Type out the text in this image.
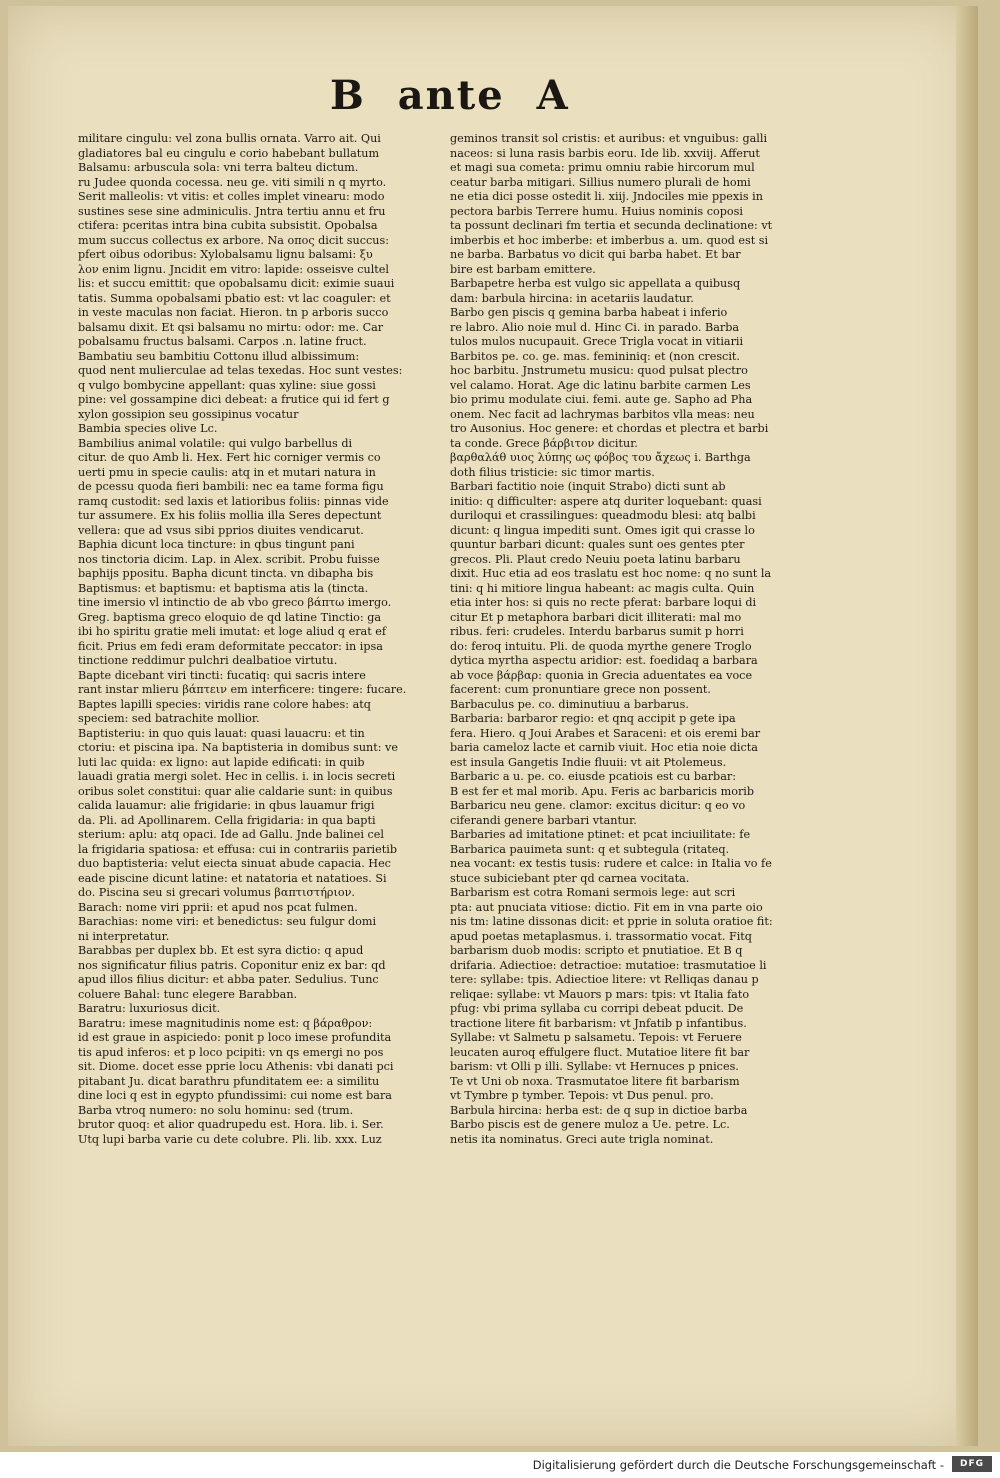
B ante A
militare cingulu: vel zona bullis ornata. Varro ait. Qui
gladiatores bal eu cingulu e corio habebant bullatum
Balsamu: arbuscula sola: vni terra balteu dictum.
ru Judee quonda cocessa. neu ge. viti simili n q myrto.
Serit malleolis: vt vitis: et colles implet vinearu: modo
sustines sese sine adminiculis. Jntra tertiu annu et fru
ctifera: pceritas intra bina cubita subsistit. Opobalsa
mum succus collectus ex arbore. Na οπος dicit succus:
pfert oibus odoribus: Xylobalsamu lignu balsami: ξυ
λον enim lignu. Jncidit em vitro: lapide: osseisve cultel
lis: et succu emittit: que opobalsamu dicit: eximie suaui
tatis. Summa opobalsami pbatio est: vt lac coaguler: et
in veste maculas non faciat. Hieron. tn p arboris succo
balsamu dixit. Et qsi balsamu no mirtu: odor: me. Car
pobalsamu fructus balsami. Carpos .n. latine fruct.
Bambatiu seu bambitiu Cottonu illud albissimum:
quod nent mulierculae ad telas texedas. Hoc sunt vestes:
q vulgo bombycine appellant: quas xyline: siue gossi
pine: vel gossampine dici debeat: a frutice qui id fert g
xylon gossipion seu gossipinus vocatur
Bambia species olive Lc.
Bambilius animal volatile: qui vulgo barbellus di
citur. de quo Amb li. Hex. Fert hic corniger vermis co
uerti pmu in specie caulis: atq in et mutari natura in
de pcessu quoda fieri bambili: nec ea tame forma figu
ramq custodit: sed laxis et latioribus foliis: pinnas vide
tur assumere. Ex his foliis mollia illa Seres depectunt
vellera: que ad vsus sibi pprios diuites vendicarut.
Baphia dicunt loca tincture: in qbus tingunt pani
nos tinctoria dicim. Lap. in Alex. scribit. Probu fuisse
baphijs ppositu. Bapha dicunt tincta. vn dibapha bis
Baptismus: et baptismu: et baptisma atis la (tincta.
tine imersio vl intinctio de ab vbo greco βάπτω imergo.
Greg. baptisma greco eloquio de qd latine Tinctio: ga
ibi ho spiritu gratie meli imutat: et loge aliud q erat ef
ficit. Prius em fedi eram deformitate peccator: in ipsa
tinctione reddimur pulchri dealbatioe virtutu.
Bapte dicebant viri tincti: fucatiq: qui sacris intere
rant instar mlieru βάπτειν em interficere: tingere: fucare.
Baptes lapilli species: viridis rane colore habes: atq
speciem: sed batrachite mollior.
Baptisteriu: in quo quis lauat: quasi lauacru: et tin
ctoriu: et piscina ipa. Na baptisteria in domibus sunt: ve
luti lac quida: ex ligno: aut lapide edificati: in quib
lauadi gratia mergi solet. Hec in cellis. i. in locis secreti
oribus solet constitui: quar alie caldarie sunt: in quibus
calida lauamur: alie frigidarie: in qbus lauamur frigi
da. Pli. ad Apollinarem. Cella frigidaria: in qua bapti
sterium: aplu: atq opaci. Ide ad Gallu. Jnde balinei cel
la frigidaria spatiosa: et effusa: cui in contrariis parietib
duo baptisteria: velut eiecta sinuat abude capacia. Hec
eade piscine dicunt latine: et natatoria et natatioes. Si
do. Piscina seu si grecari volumus βαπτιστήριον.
Barach: nome viri pprii: et apud nos pcat fulmen.
Barachias: nome viri: et benedictus: seu fulgur domi
ni interpretatur.
Barabbas per duplex bb. Et est syra dictio: q apud
nos significatur filius patris. Coponitur eniz ex bar: qd
apud illos filius dicitur: et abba pater. Sedulius. Tunc
coluere Bahal: tunc elegere Barabban.
Baratru: luxuriosus dicit.
Baratru: imese magnitudinis nome est: q βάραθρον:
id est graue in aspiciedo: ponit p loco imese profundita
tis apud inferos: et p loco pcipiti: vn qs emergi no pos
sit. Diome. docet esse pprie locu Athenis: vbi danati pci
pitabant Ju. dicat barathru pfunditatem ee: a similitu
dine loci q est in egypto pfundissimi: cui nome est bara
Barba vtroq numero: no solu hominu: sed (trum.
brutor quoq: et alior quadrupedu est. Hora. lib. i. Ser.
Utq lupi barba varie cu dete colubre. Pli. lib. xxx. Luz
geminos transit sol cristis: et auribus: et vnguibus: galli
naceos: si luna rasis barbis eoru. Ide lib. xxviij. Afferut
et magi sua cometa: primu omniu rabie hircorum mul
ceatur barba mitigari. Sillius numero plurali de homi
ne etia dici posse ostedit li. xiij. Jndociles mie ppexis in
pectora barbis Terrere humu. Huius nominis coposi
ta possunt declinari fm tertia et secunda declinatione: vt
imberbis et hoc imberbe: et imberbus a. um. quod est si
ne barba. Barbatus vo dicit qui barba habet. Et bar
bire est barbam emittere.
Barbapetre herba est vulgo sic appellata a quibusq
dam: barbula hircina: in acetariis laudatur.
Barbo gen piscis q gemina barba habeat i inferio
re labro. Alio noie mul d. Hinc Ci. in parado. Barba
tulos mulos nucupauit. Grece Trigla vocat in vitiarii
Barbitos pe. co. ge. mas. femininiq: et (non crescit.
hoc barbitu. Jnstrumetu musicu: quod pulsat plectro
vel calamo. Horat. Age dic latinu barbite carmen Les
bio primu modulate ciui. femi. aute ge. Sapho ad Pha
onem. Nec facit ad lachrymas barbitos vlla meas: neu
tro Ausonius. Hoc genere: et chordas et plectra et barbi
ta conde. Grece βάρβιτον dicitur.
βαρθαλάθ υιος λύπης ως φόβος του ἄχεως i. Barthga
doth filius tristicie: sic timor martis.
Barbari factitio noie (inquit Strabo) dicti sunt ab
initio: q difficulter: aspere atq duriter loquebant: quasi
duriloqui et crassilingues: queadmodu blesi: atq balbi
dicunt: q lingua impediti sunt. Omes igit qui crasse lo
quuntur barbari dicunt: quales sunt oes gentes pter
grecos. Pli. Plaut credo Neuiu poeta latinu barbaru
dixit. Huc etia ad eos traslatu est hoc nome: q no sunt la
tini: q hi mitiore lingua habeant: ac magis culta. Quin
etia inter hos: si quis no recte pferat: barbare loqui di
citur Et p metaphora barbari dicit illiterati: mal mo
ribus. feri: crudeles. Interdu barbarus sumit p horri
do: feroq intuitu. Pli. de quoda myrthe genere Troglo
dytica myrtha aspectu aridior: est. foedidaq a barbara
ab voce βάρβαρ: quonia in Grecia aduentates ea voce
facerent: cum pronuntiare grece non possent.
Barbaculus pe. co. diminutiuu a barbarus.
Barbaria: barbaror regio: et qnq accipit p gete ipa
fera. Hiero. q Joui Arabes et Saraceni: et ois eremi bar
baria cameloz lacte et carnib viuit. Hoc etia noie dicta
est insula Gangetis Indie fluuii: vt ait Ptolemeus.
Barbaric a u. pe. co. eiusde pcatiois est cu barbar:
B est fer et mal morib. Apu. Feris ac barbaricis morib
Barbaricu neu gene. clamor: excitus dicitur: q eo vo
ciferandi genere barbari vtantur.
Barbaries ad imitatione ptinet: et pcat inciuilitate: fe
Barbarica pauimeta sunt: q et subtegula (ritateq.
nea vocant: ex testis tusis: rudere et calce: in Italia vo fe
stuce subiciebant pter qd carnea vocitata.
Barbarism est cotra Romani sermois lege: aut scri
pta: aut pnuciata vitiose: dictio. Fit em in vna parte oio
nis tm: latine dissonas dicit: et pprie in soluta oratioe fit:
apud poetas metaplasmus. i. trassormatio vocat. Fitq
barbarism duob modis: scripto et pnutiatioe. Et B q
drifaria. Adiectioe: detractioe: mutatioe: trasmutatioe li
tere: syllabe: tpis. Adiectioe litere: vt Relliqas danau p
reliqae: syllabe: vt Mauors p mars: tpis: vt Italia fato
pfug: vbi prima syllaba cu corripi debeat pducit. De
tractione litere fit barbarism: vt Jnfatib p infantibus.
Syllabe: vt Salmetu p salsametu. Tepois: vt Feruere
leucaten auroq effulgere fluct. Mutatioe litere fit bar
barism: vt Olli p illi. Syllabe: vt Hernuces p pnices.
Te vt Uni ob noxa. Trasmutatoe litere fit barbarism
vt Tymbre p tymber. Tepois: vt Dus penul. pro.
Barbula hircina: herba est: de q sup in dictioe barba
Barbo piscis est de genere muloz a Ue. petre. Lc.
netis ita nominatus. Greci aute trigla nominat.
Digitalisierung gefördert durch die Deutsche Forschungsgemeinschaft -	DFG
